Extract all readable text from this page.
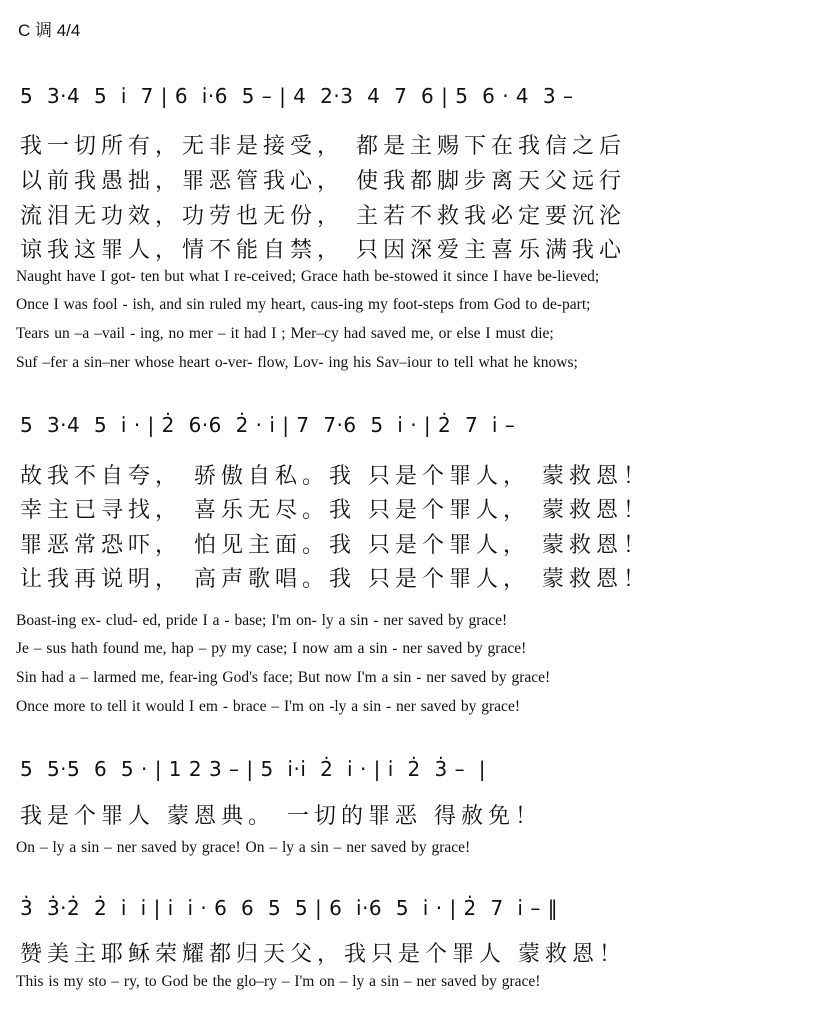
C 调 4/4
5  3·4  5  i̇  7 | 6  i̇·6  5 – | 4  2·3  4  7  6 | 5  6 · 4  3 –
我一切所有，无非是接受， 都是主赐下在我信之后
以前我愚拙，罪恶管我心， 使我都脚步离天父远行
流泪无功效，功劳也无份， 主若不救我必定要沉沦
谅我这罪人，情不能自禁， 只因深爱主喜乐满我心
Naught have I got- ten but what I re-ceived; Grace hath be-stowed it since I have be-lieved;
Once I was fool - ish, and sin ruled my heart, caus-ing my foot-steps from God to de-part;
Tears un –a –vail - ing, no mer – it had I ; Mer–cy had saved me, or else I must die;
Suf –fer a sin–ner whose heart o-ver- flow, Lov- ing his Sav–iour to tell what he knows;
5  3·4  5  i̇ · | 2̇  6·6  2̇ · i̇ | 7  7·6  5  i̇ · | 2̇  7  i̇ –
故我不自夸， 骄傲自私。我 只是个罪人， 蒙救恩！
幸主已寻找， 喜乐无尽。我 只是个罪人， 蒙救恩！
罪恶常恐吓， 怕见主面。我 只是个罪人， 蒙救恩！
让我再说明， 高声歌唱。我 只是个罪人， 蒙救恩！
Boast-ing ex- clud- ed, pride I a - base; I'm on- ly a sin - ner saved by grace!
Je – sus hath found me, hap – py my case; I now am a sin - ner saved by grace!
Sin had a – larmed me, fear-ing God's face; But now I'm a sin - ner saved by grace!
Once more to tell it would I em - brace – I'm on -ly a sin - ner saved by grace!
5  5·5  6  5 · | 1 2 3 – | 5  i̇·i̇  2̇  i̇ · | i̇  2̇  3̇ –  |
我是个罪人 蒙恩典。 一切的罪恶 得赦免！
On – ly a sin – ner saved by grace! On – ly a sin – ner saved by grace!
3̇  3̇·2̇  2̇  i̇  i̇ | i̇  i̇ · 6  6  5  5 | 6  i̇·6  5  i̇ · | 2̇  7  i̇ – ‖
赞美主耶稣荣耀都归天父，我只是个罪人 蒙救恩！
This is my sto – ry, to God be the glo–ry – I'm on – ly a sin – ner saved by grace!
